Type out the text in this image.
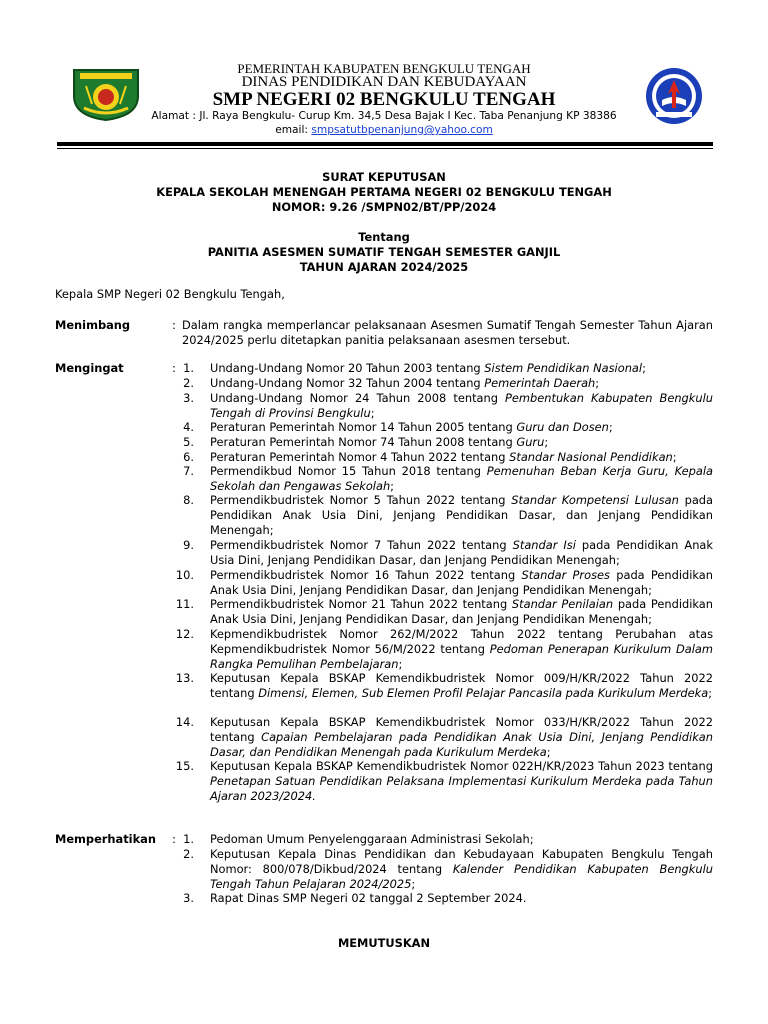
PEMERINTAH KABUPATEN BENGKULU TENGAH
DINAS PENDIDIKAN DAN KEBUDAYAAN
SMP NEGERI 02 BENGKULU TENGAH
Alamat : Jl. Raya Bengkulu- Curup Km. 34,5 Desa Bajak I Kec. Taba Penanjung KP 38386
email: smpsatutbpenanjung@yahoo.com
SURAT KEPUTUSAN
KEPALA SEKOLAH MENENGAH PERTAMA NEGERI 02 BENGKULU TENGAH
NOMOR: 9.26 /SMPN02/BT/PP/2024
Tentang
PANITIA ASESMEN SUMATIF TENGAH SEMESTER GANJIL
TAHUN AJARAN 2024/2025
Kepala SMP Negeri 02 Bengkulu Tengah,
Menimbang	: Dalam rangka memperlancar pelaksanaan Asesmen Sumatif Tengah Semester Tahun Ajaran 2024/2025 perlu ditetapkan panitia pelaksanaan asesmen tersebut.
Mengingat	: 1. Undang-Undang Nomor 20 Tahun 2003 tentang Sistem Pendidikan Nasional;
2. Undang-Undang Nomor 32 Tahun 2004 tentang Pemerintah Daerah;
3. Undang-Undang Nomor 24 Tahun 2008 tentang Pembentukan Kabupaten Bengkulu Tengah di Provinsi Bengkulu;
4. Peraturan Pemerintah Nomor 14 Tahun 2005 tentang Guru dan Dosen;
5. Peraturan Pemerintah Nomor 74 Tahun 2008 tentang Guru;
6. Peraturan Pemerintah Nomor 4 Tahun 2022 tentang Standar Nasional Pendidikan;
7. Permendikbud Nomor 15 Tahun 2018 tentang Pemenuhan Beban Kerja Guru, Kepala Sekolah dan Pengawas Sekolah;
8. Permendikbudristek Nomor 5 Tahun 2022 tentang Standar Kompetensi Lulusan pada Pendidikan Anak Usia Dini, Jenjang Pendidikan Dasar, dan Jenjang Pendidikan Menengah;
9. Permendikbudristek Nomor 7 Tahun 2022 tentang Standar Isi pada Pendidikan Anak Usia Dini, Jenjang Pendidikan Dasar, dan Jenjang Pendidikan Menengah;
10. Permendikbudristek Nomor 16 Tahun 2022 tentang Standar Proses pada Pendidikan Anak Usia Dini, Jenjang Pendidikan Dasar, dan Jenjang Pendidikan Menengah;
11. Permendikbudristek Nomor 21 Tahun 2022 tentang Standar Penilaian pada Pendidikan Anak Usia Dini, Jenjang Pendidikan Dasar, dan Jenjang Pendidikan Menengah;
12. Kepmendikbudristek Nomor 262/M/2022 Tahun 2022 tentang Perubahan atas Kepmendikbudristek Nomor 56/M/2022 tentang Pedoman Penerapan Kurikulum Dalam Rangka Pemulihan Pembelajaran;
13. Keputusan Kepala BSKAP Kemendikbudristek Nomor 009/H/KR/2022 Tahun 2022 tentang Dimensi, Elemen, Sub Elemen Profil Pelajar Pancasila pada Kurikulum Merdeka;
14. Keputusan Kepala BSKAP Kemendikbudristek Nomor 033/H/KR/2022 Tahun 2022 tentang Capaian Pembelajaran pada Pendidikan Anak Usia Dini, Jenjang Pendidikan Dasar, dan Pendidikan Menengah pada Kurikulum Merdeka;
15. Keputusan Kepala BSKAP Kemendikbudristek Nomor 022H/KR/2023 Tahun 2023 tentang Penetapan Satuan Pendidikan Pelaksana Implementasi Kurikulum Merdeka pada Tahun Ajaran 2023/2024.
Memperhatikan : 1. Pedoman Umum Penyelenggaraan Administrasi Sekolah;
2. Keputusan Kepala Dinas Pendidikan dan Kebudayaan Kabupaten Bengkulu Tengah Nomor: 800/078/Dikbud/2024 tentang Kalender Pendidikan Kabupaten Bengkulu Tengah Tahun Pelajaran 2024/2025;
3. Rapat Dinas SMP Negeri 02 tanggal 2 September 2024.
MEMUTUSKAN
